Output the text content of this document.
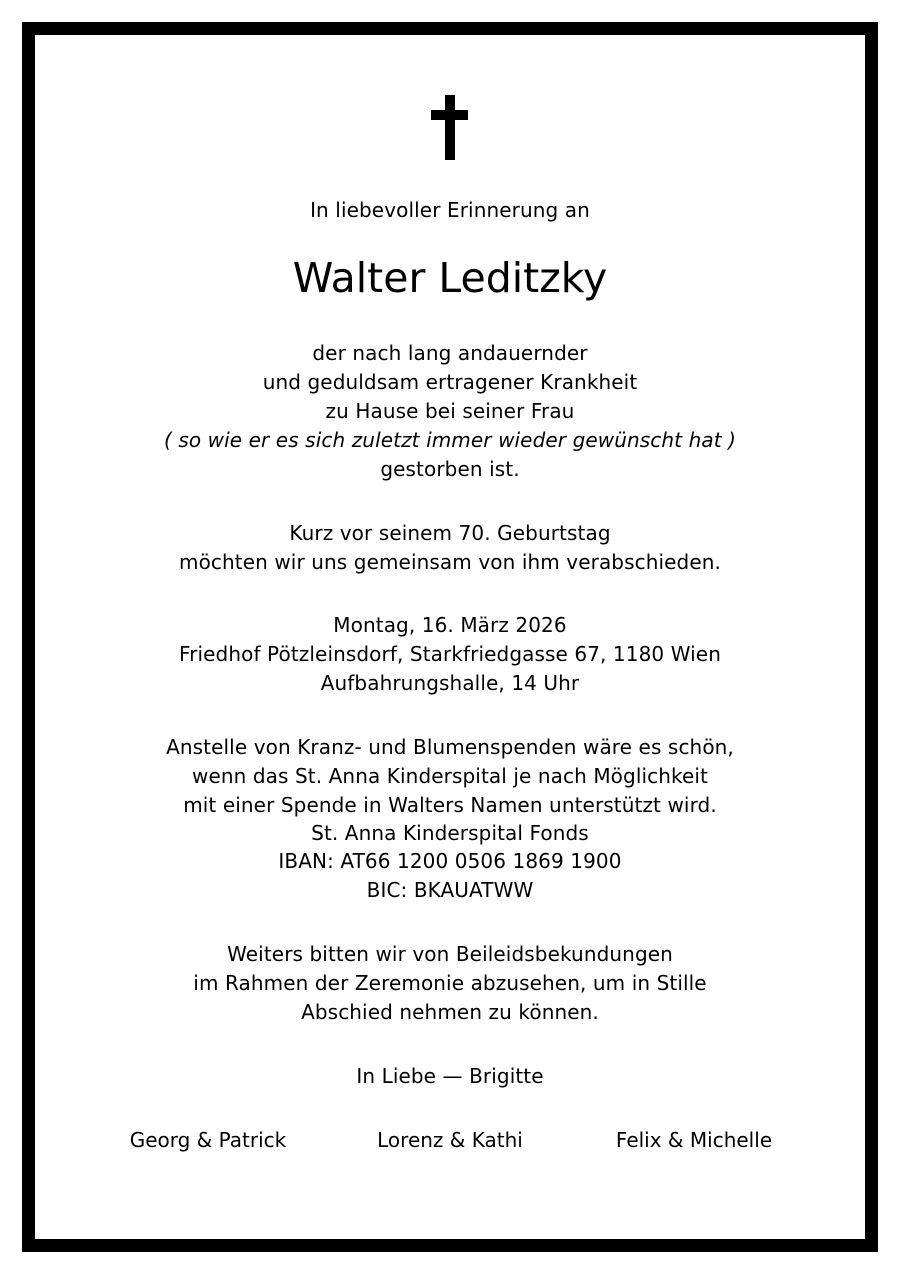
In liebevoller Erinnerung an
Walter Leditzky
der nach lang andauernder
und geduldsam ertragener Krankheit
zu Hause bei seiner Frau
( so wie er es sich zuletzt immer wieder gewünscht hat )
gestorben ist.
Kurz vor seinem 70. Geburtstag
möchten wir uns gemeinsam von ihm verabschieden.
Montag, 16. März 2026
Friedhof Pötzleinsdorf, Starkfriedgasse 67, 1180 Wien
Aufbahrungshalle, 14 Uhr
Anstelle von Kranz- und Blumenspenden wäre es schön,
wenn das St. Anna Kinderspital je nach Möglichkeit
mit einer Spende in Walters Namen unterstützt wird.
St. Anna Kinderspital Fonds
IBAN: AT66 1200 0506 1869 1900
BIC: BKAUATWW
Weiters bitten wir von Beileidsbekundungen
im Rahmen der Zeremonie abzusehen, um in Stille
Abschied nehmen zu können.
In Liebe — Brigitte
Georg & Patrick	Lorenz & Kathi	Felix & Michelle
